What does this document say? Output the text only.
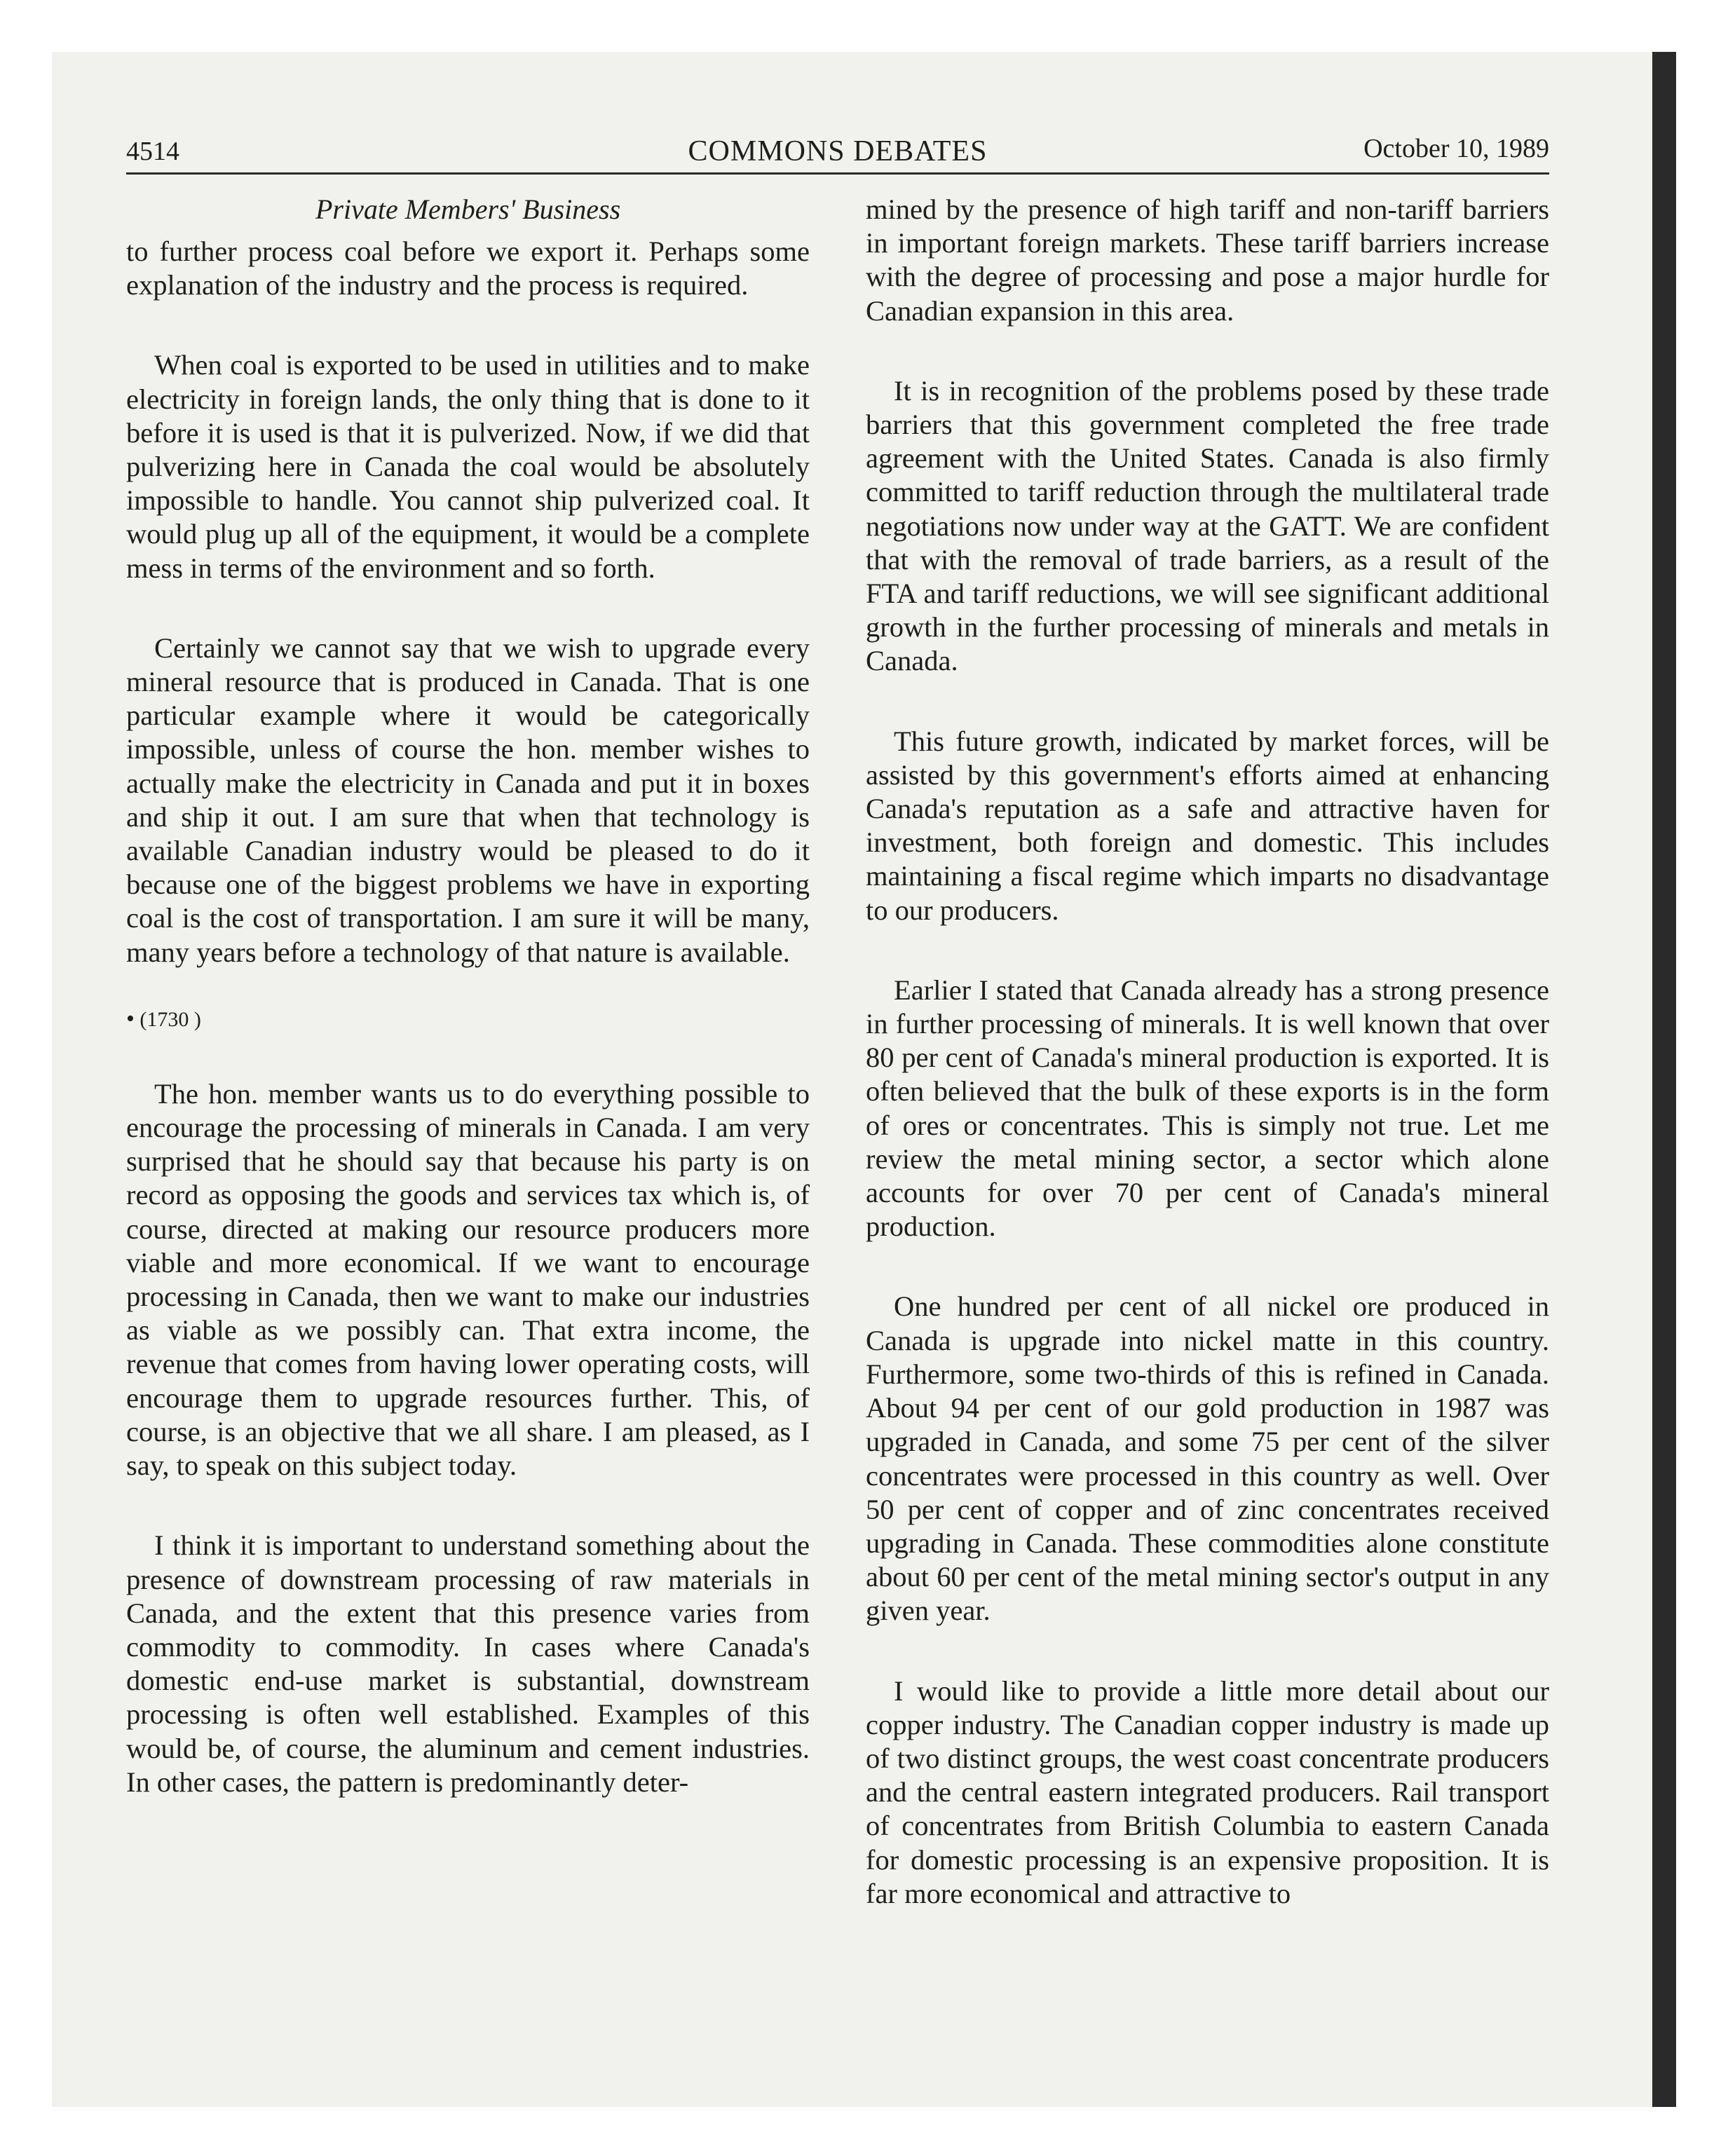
4514	COMMONS DEBATES	October 10, 1989
Private Members' Business

to further process coal before we export it. Perhaps some explanation of the industry and the process is required.

When coal is exported to be used in utilities and to make electricity in foreign lands, the only thing that is done to it before it is used is that it is pulverized. Now, if we did that pulverizing here in Canada the coal would be absolutely impossible to handle. You cannot ship pulverized coal. It would plug up all of the equipment, it would be a complete mess in terms of the environment and so forth.

Certainly we cannot say that we wish to upgrade every mineral resource that is produced in Canada. That is one particular example where it would be categorically impossible, unless of course the hon. member wishes to actually make the electricity in Canada and put it in boxes and ship it out. I am sure that when that technology is available Canadian industry would be pleased to do it because one of the biggest problems we have in exporting coal is the cost of transportation. I am sure it will be many, many years before a technology of that nature is available.

• (1730 )

The hon. member wants us to do everything possible to encourage the processing of minerals in Canada. I am very surprised that he should say that because his party is on record as opposing the goods and services tax which is, of course, directed at making our resource producers more viable and more economical. If we want to encourage processing in Canada, then we want to make our industries as viable as we possibly can. That extra income, the revenue that comes from having lower operating costs, will encourage them to upgrade resources further. This, of course, is an objective that we all share. I am pleased, as I say, to speak on this subject today.

I think it is important to understand something about the presence of downstream processing of raw materials in Canada, and the extent that this presence varies from commodity to commodity. In cases where Canada's domestic end-use market is substantial, downstream processing is often well established. Examples of this would be, of course, the aluminum and cement industries. In other cases, the pattern is predominantly deter-

mined by the presence of high tariff and non-tariff barriers in important foreign markets. These tariff barriers increase with the degree of processing and pose a major hurdle for Canadian expansion in this area.

It is in recognition of the problems posed by these trade barriers that this government completed the free trade agreement with the United States. Canada is also firmly committed to tariff reduction through the multilateral trade negotiations now under way at the GATT. We are confident that with the removal of trade barriers, as a result of the FTA and tariff reductions, we will see significant additional growth in the further processing of minerals and metals in Canada.

This future growth, indicated by market forces, will be assisted by this government's efforts aimed at enhancing Canada's reputation as a safe and attractive haven for investment, both foreign and domestic. This includes maintaining a fiscal regime which imparts no disadvantage to our producers.

Earlier I stated that Canada already has a strong presence in further processing of minerals. It is well known that over 80 per cent of Canada's mineral production is exported. It is often believed that the bulk of these exports is in the form of ores or concentrates. This is simply not true. Let me review the metal mining sector, a sector which alone accounts for over 70 per cent of Canada's mineral production.

One hundred per cent of all nickel ore produced in Canada is upgrade into nickel matte in this country. Furthermore, some two-thirds of this is refined in Canada. About 94 per cent of our gold production in 1987 was upgraded in Canada, and some 75 per cent of the silver concentrates were processed in this country as well. Over 50 per cent of copper and of zinc concentrates received upgrading in Canada. These commodities alone constitute about 60 per cent of the metal mining sector's output in any given year.

I would like to provide a little more detail about our copper industry. The Canadian copper industry is made up of two distinct groups, the west coast concentrate producers and the central eastern integrated producers. Rail transport of concentrates from British Columbia to eastern Canada for domestic processing is an expensive proposition. It is far more economical and attractive to
